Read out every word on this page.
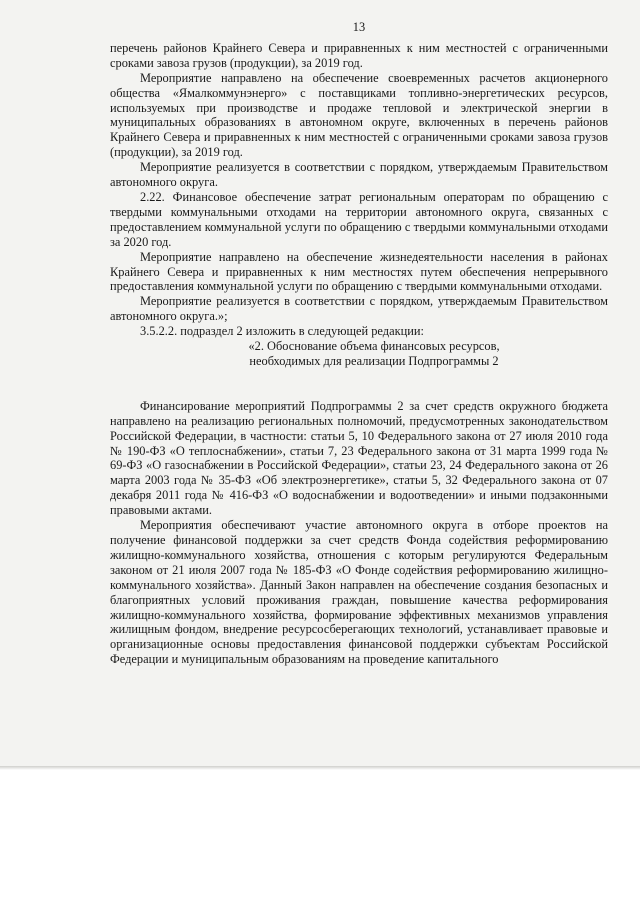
13

перечень районов Крайнего Севера и приравненных к ним местностей с ограниченными сроками завоза грузов (продукции), за 2019 год.

Мероприятие направлено на обеспечение своевременных расчетов акционерного общества «Ямалкоммунэнерго» с поставщиками топливно-энергетических ресурсов, используемых при производстве и продаже тепловой и электрической энергии в муниципальных образованиях в автономном округе, включенных в перечень районов Крайнего Севера и приравненных к ним местностей с ограниченными сроками завоза грузов (продукции), за 2019 год.

Мероприятие реализуется в соответствии с порядком, утверждаемым Правительством автономного округа.

2.22. Финансовое обеспечение затрат региональным операторам по обращению с твердыми коммунальными отходами на территории автономного округа, связанных с предоставлением коммунальной услуги по обращению с твердыми коммунальными отходами за 2020 год.

Мероприятие направлено на обеспечение жизнедеятельности населения в районах Крайнего Севера и приравненных к ним местностях путем обеспечения непрерывного предоставления коммунальной услуги по обращению с твердыми коммунальными отходами.

Мероприятие реализуется в соответствии с порядком, утверждаемым Правительством автономного округа.»;

3.5.2.2. подраздел 2 изложить в следующей редакции:

«2. Обоснование объема финансовых ресурсов,
необходимых для реализации Подпрограммы 2

Финансирование мероприятий Подпрограммы 2 за счет средств окружного бюджета направлено на реализацию региональных полномочий, предусмотренных законодательством Российской Федерации, в частности: статьи 5, 10 Федерального закона от 27 июля 2010 года № 190-ФЗ «О теплоснабжении», статьи 7, 23 Федерального закона от 31 марта 1999 года № 69-ФЗ «О газоснабжении в Российской Федерации», статьи 23, 24 Федерального закона от 26 марта 2003 года № 35-ФЗ «Об электроэнергетике», статьи 5, 32 Федерального закона от 07 декабря 2011 года № 416-ФЗ «О водоснабжении и водоотведении» и иными подзаконными правовыми актами.

Мероприятия обеспечивают участие автономного округа в отборе проектов на получение финансовой поддержки за счет средств Фонда содействия реформированию жилищно-коммунального хозяйства, отношения с которым регулируются Федеральным законом от 21 июля 2007 года № 185-ФЗ «О Фонде содействия реформированию жилищно-коммунального хозяйства». Данный Закон направлен на обеспечение создания безопасных и благоприятных условий проживания граждан, повышение качества реформирования жилищно-коммунального хозяйства, формирование эффективных механизмов управления жилищным фондом, внедрение ресурсосберегающих технологий, устанавливает правовые и организационные основы предоставления финансовой поддержки субъектам Российской Федерации и муниципальным образованиям на проведение капитального
